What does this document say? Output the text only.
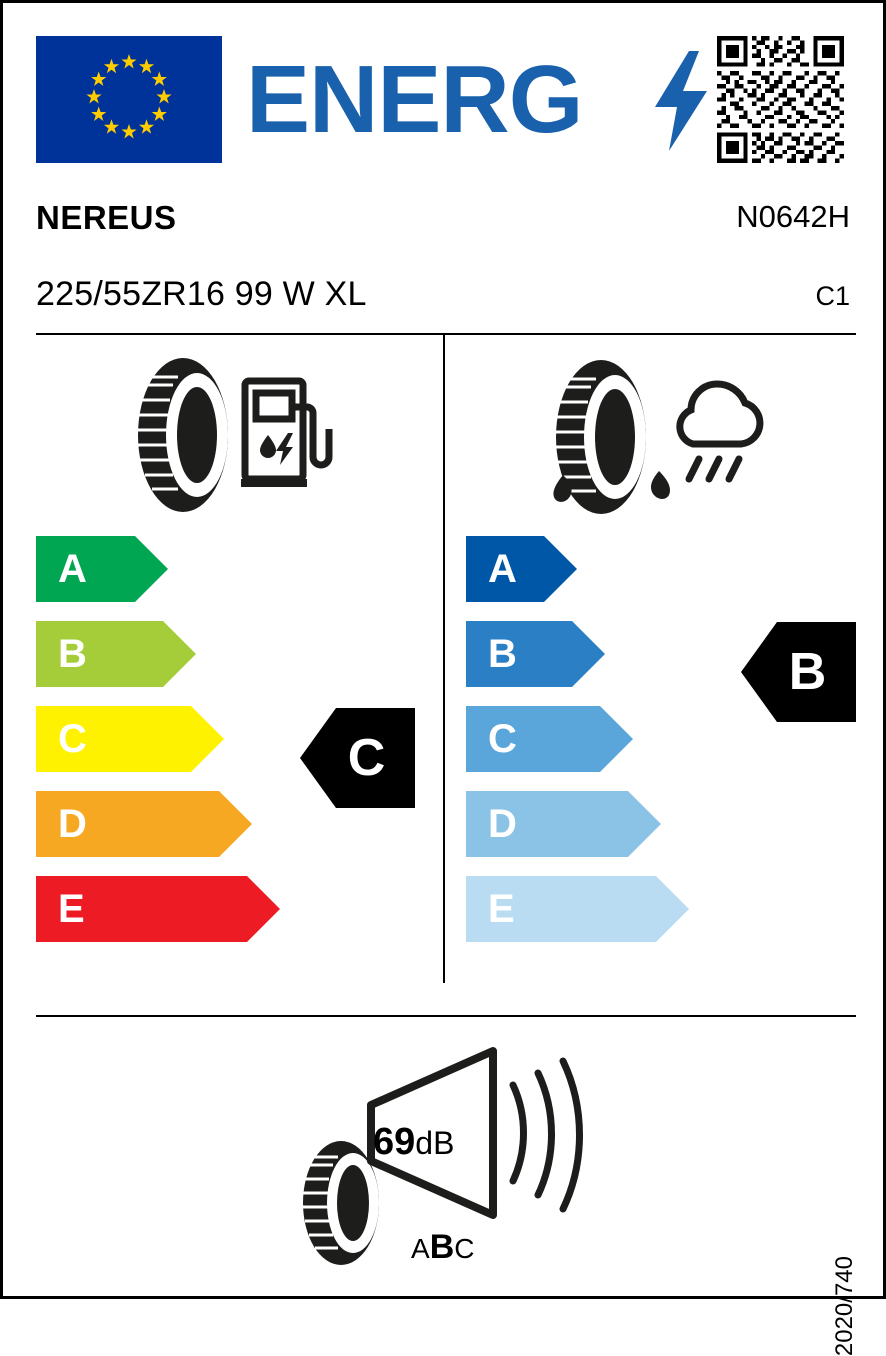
ENERG
NEREUS	N0642H
225/55ZR16 99 W XL	C1
A
B
C
D
E
C
A
B
C
D
E
B
69dB
ABC
2020/740
